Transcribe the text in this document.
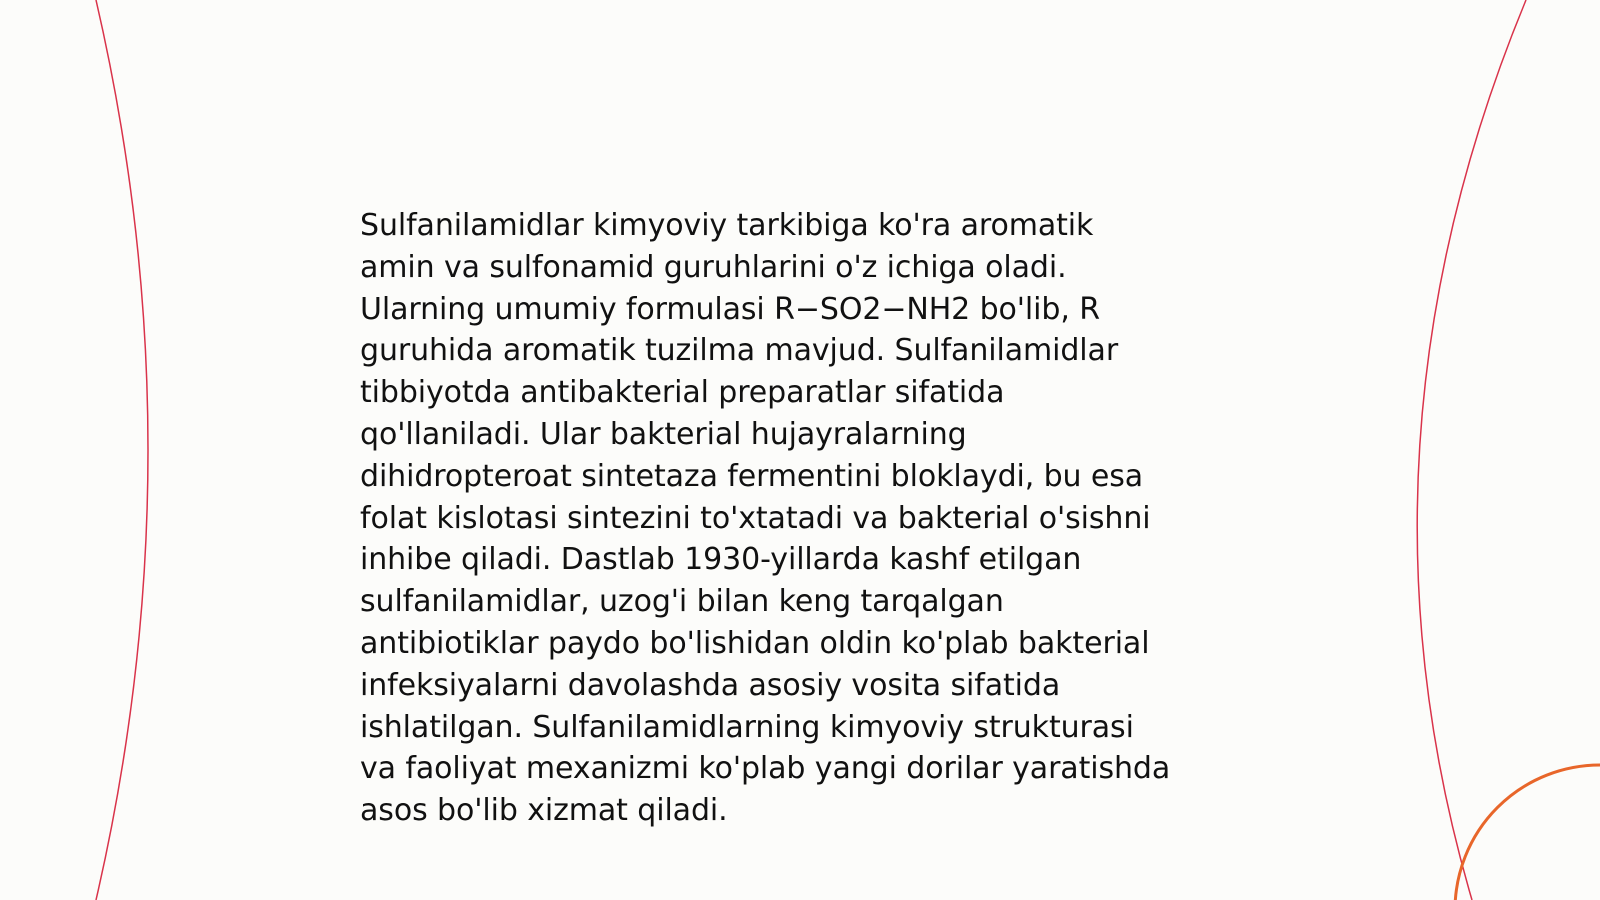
Sulfanilamidlar kimyoviy tarkibiga ko'ra aromatik
amin va sulfonamid guruhlarini o'z ichiga oladi.
Ularning umumiy formulasi R−SO2−NH2 bo'lib, R
guruhida aromatik tuzilma mavjud. Sulfanilamidlar
tibbiyotda antibakterial preparatlar sifatida
qo'llaniladi. Ular bakterial hujayralarning
dihidropteroat sintetaza fermentini bloklaydi, bu esa
folat kislotasi sintezini to'xtatadi va bakterial o'sishni
inhibe qiladi. Dastlab 1930-yillarda kashf etilgan
sulfanilamidlar, uzog'i bilan keng tarqalgan
antibiotiklar paydo bo'lishidan oldin ko'plab bakterial
infeksiyalarni davolashda asosiy vosita sifatida
ishlatilgan. Sulfanilamidlarning kimyoviy strukturasi
va faoliyat mexanizmi ko'plab yangi dorilar yaratishda
asos bo'lib xizmat qiladi.
